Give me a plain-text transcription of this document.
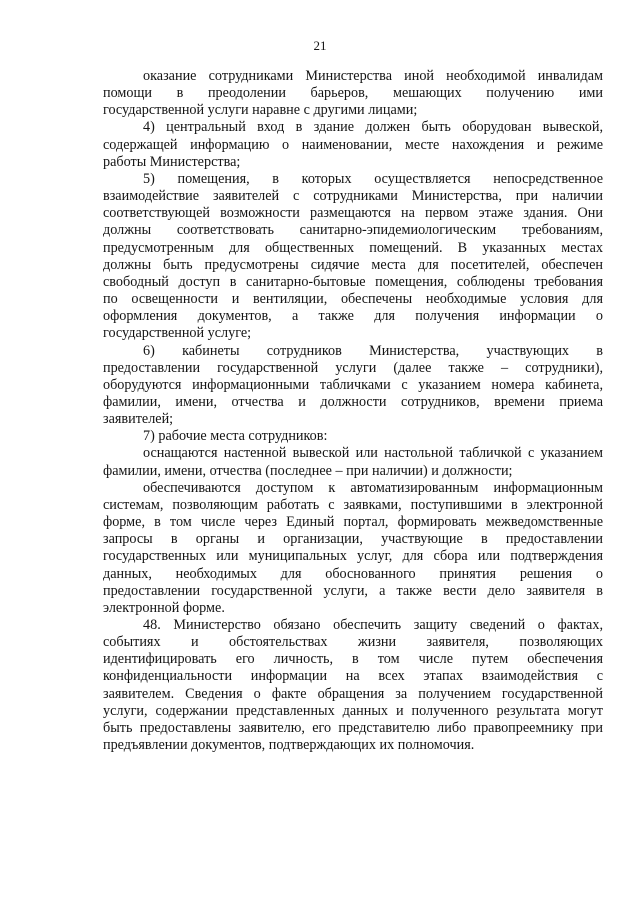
21

оказание сотрудниками Министерства иной необходимой инвалидам
помощи в преодолении барьеров, мешающих получению ими
государственной услуги наравне с другими лицами;

4) центральный вход в здание должен быть оборудован вывеской,
содержащей информацию о наименовании, месте нахождения и режиме
работы Министерства;

5) помещения, в которых осуществляется непосредственное
взаимодействие заявителей с сотрудниками Министерства, при наличии
соответствующей возможности размещаются на первом этаже здания. Они
должны соответствовать санитарно-эпидемиологическим требованиям,
предусмотренным для общественных помещений. В указанных местах
должны быть предусмотрены сидячие места для посетителей, обеспечен
свободный доступ в санитарно-бытовые помещения, соблюдены требования
по освещенности и вентиляции, обеспечены необходимые условия для
оформления документов, а также для получения информации о
государственной услуге;

6) кабинеты сотрудников Министерства, участвующих в
предоставлении государственной услуги (далее также – сотрудники),
оборудуются информационными табличками с указанием номера кабинета,
фамилии, имени, отчества и должности сотрудников, времени приема
заявителей;

7) рабочие места сотрудников:

оснащаются настенной вывеской или настольной табличкой с указанием
фамилии, имени, отчества (последнее – при наличии) и должности;

обеспечиваются доступом к автоматизированным информационным
системам, позволяющим работать с заявками, поступившими в электронной
форме, в том числе через Единый портал, формировать межведомственные
запросы в органы и организации, участвующие в предоставлении
государственных или муниципальных услуг, для сбора или подтверждения
данных, необходимых для обоснованного принятия решения о
предоставлении государственной услуги, а также вести дело заявителя в
электронной форме.

48. Министерство обязано обеспечить защиту сведений о фактах,
событиях и обстоятельствах жизни заявителя, позволяющих
идентифицировать его личность, в том числе путем обеспечения
конфиденциальности информации на всех этапах взаимодействия с
заявителем. Сведения о факте обращения за получением государственной
услуги, содержании представленных данных и полученного результата могут
быть предоставлены заявителю, его представителю либо правопреемнику при
предъявлении документов, подтверждающих их полномочия.
